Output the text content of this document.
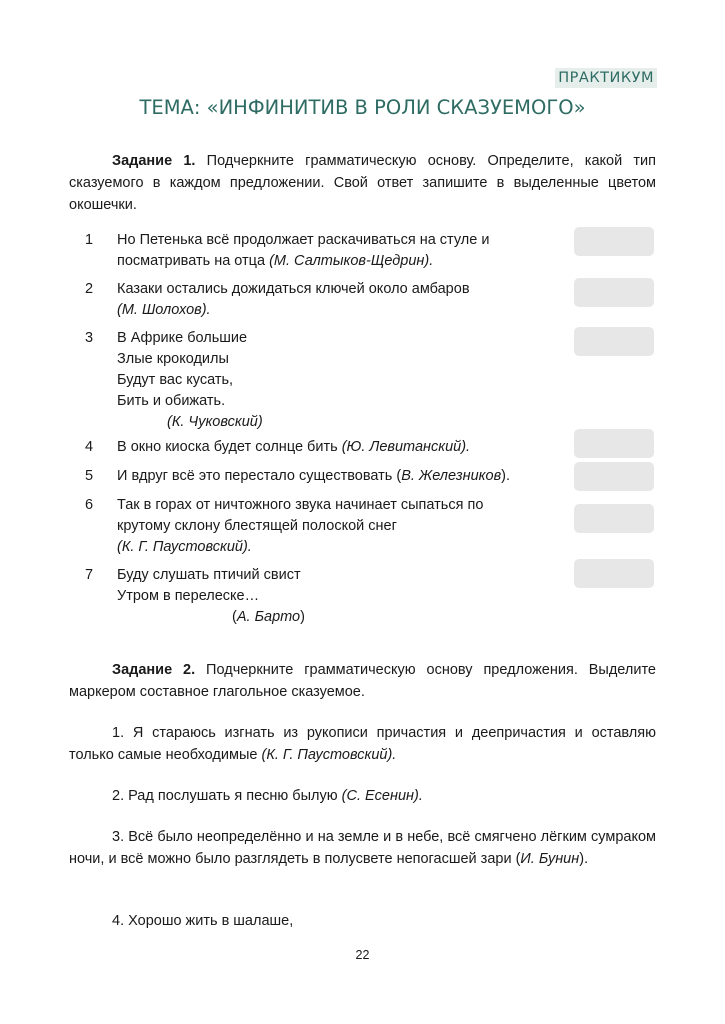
ПРАКТИКУМ
ТЕМА: «ИНФИНИТИВ В РОЛИ СКАЗУЕМОГО»
Задание 1. Подчеркните грамматическую основу. Определите, какой тип сказуемого в каждом предложении. Свой ответ запишите в выделенные цветом окошечки.
1	Но Петенька всё продолжает раскачиваться на стуле и
посматривать на отца (М. Салтыков-Щедрин).
2	Казаки остались дожидаться ключей около амбаров
(М. Шолохов).
3	В Африке большие
Злые крокодилы
Будут вас кусать,
Бить и обижать.
(К. Чуковский)
4	В окно киоска будет солнце бить (Ю. Левитанский).
5	И вдруг всё это перестало существовать (В. Железников).
6	Так в горах от ничтожного звука начинает сыпаться по
крутому склону блестящей полоской снег
(К. Г. Паустовский).
7	Буду слушать птичий свист
Утром в перелеске…
(А. Барто)
Задание 2. Подчеркните грамматическую основу предложения. Выделите маркером составное глагольное сказуемое.
1. Я стараюсь изгнать из рукописи причастия и деепричастия и оставляю только самые необходимые (К. Г. Паустовский).
2. Рад послушать я песню былую (С. Есенин).
3. Всё было неопределённо и на земле и в небе, всё смягчено лёгким сумраком ночи, и всё можно было разглядеть в полусвете непогасшей зари (И. Бунин).
4. Хорошо жить в шалаше,
22
